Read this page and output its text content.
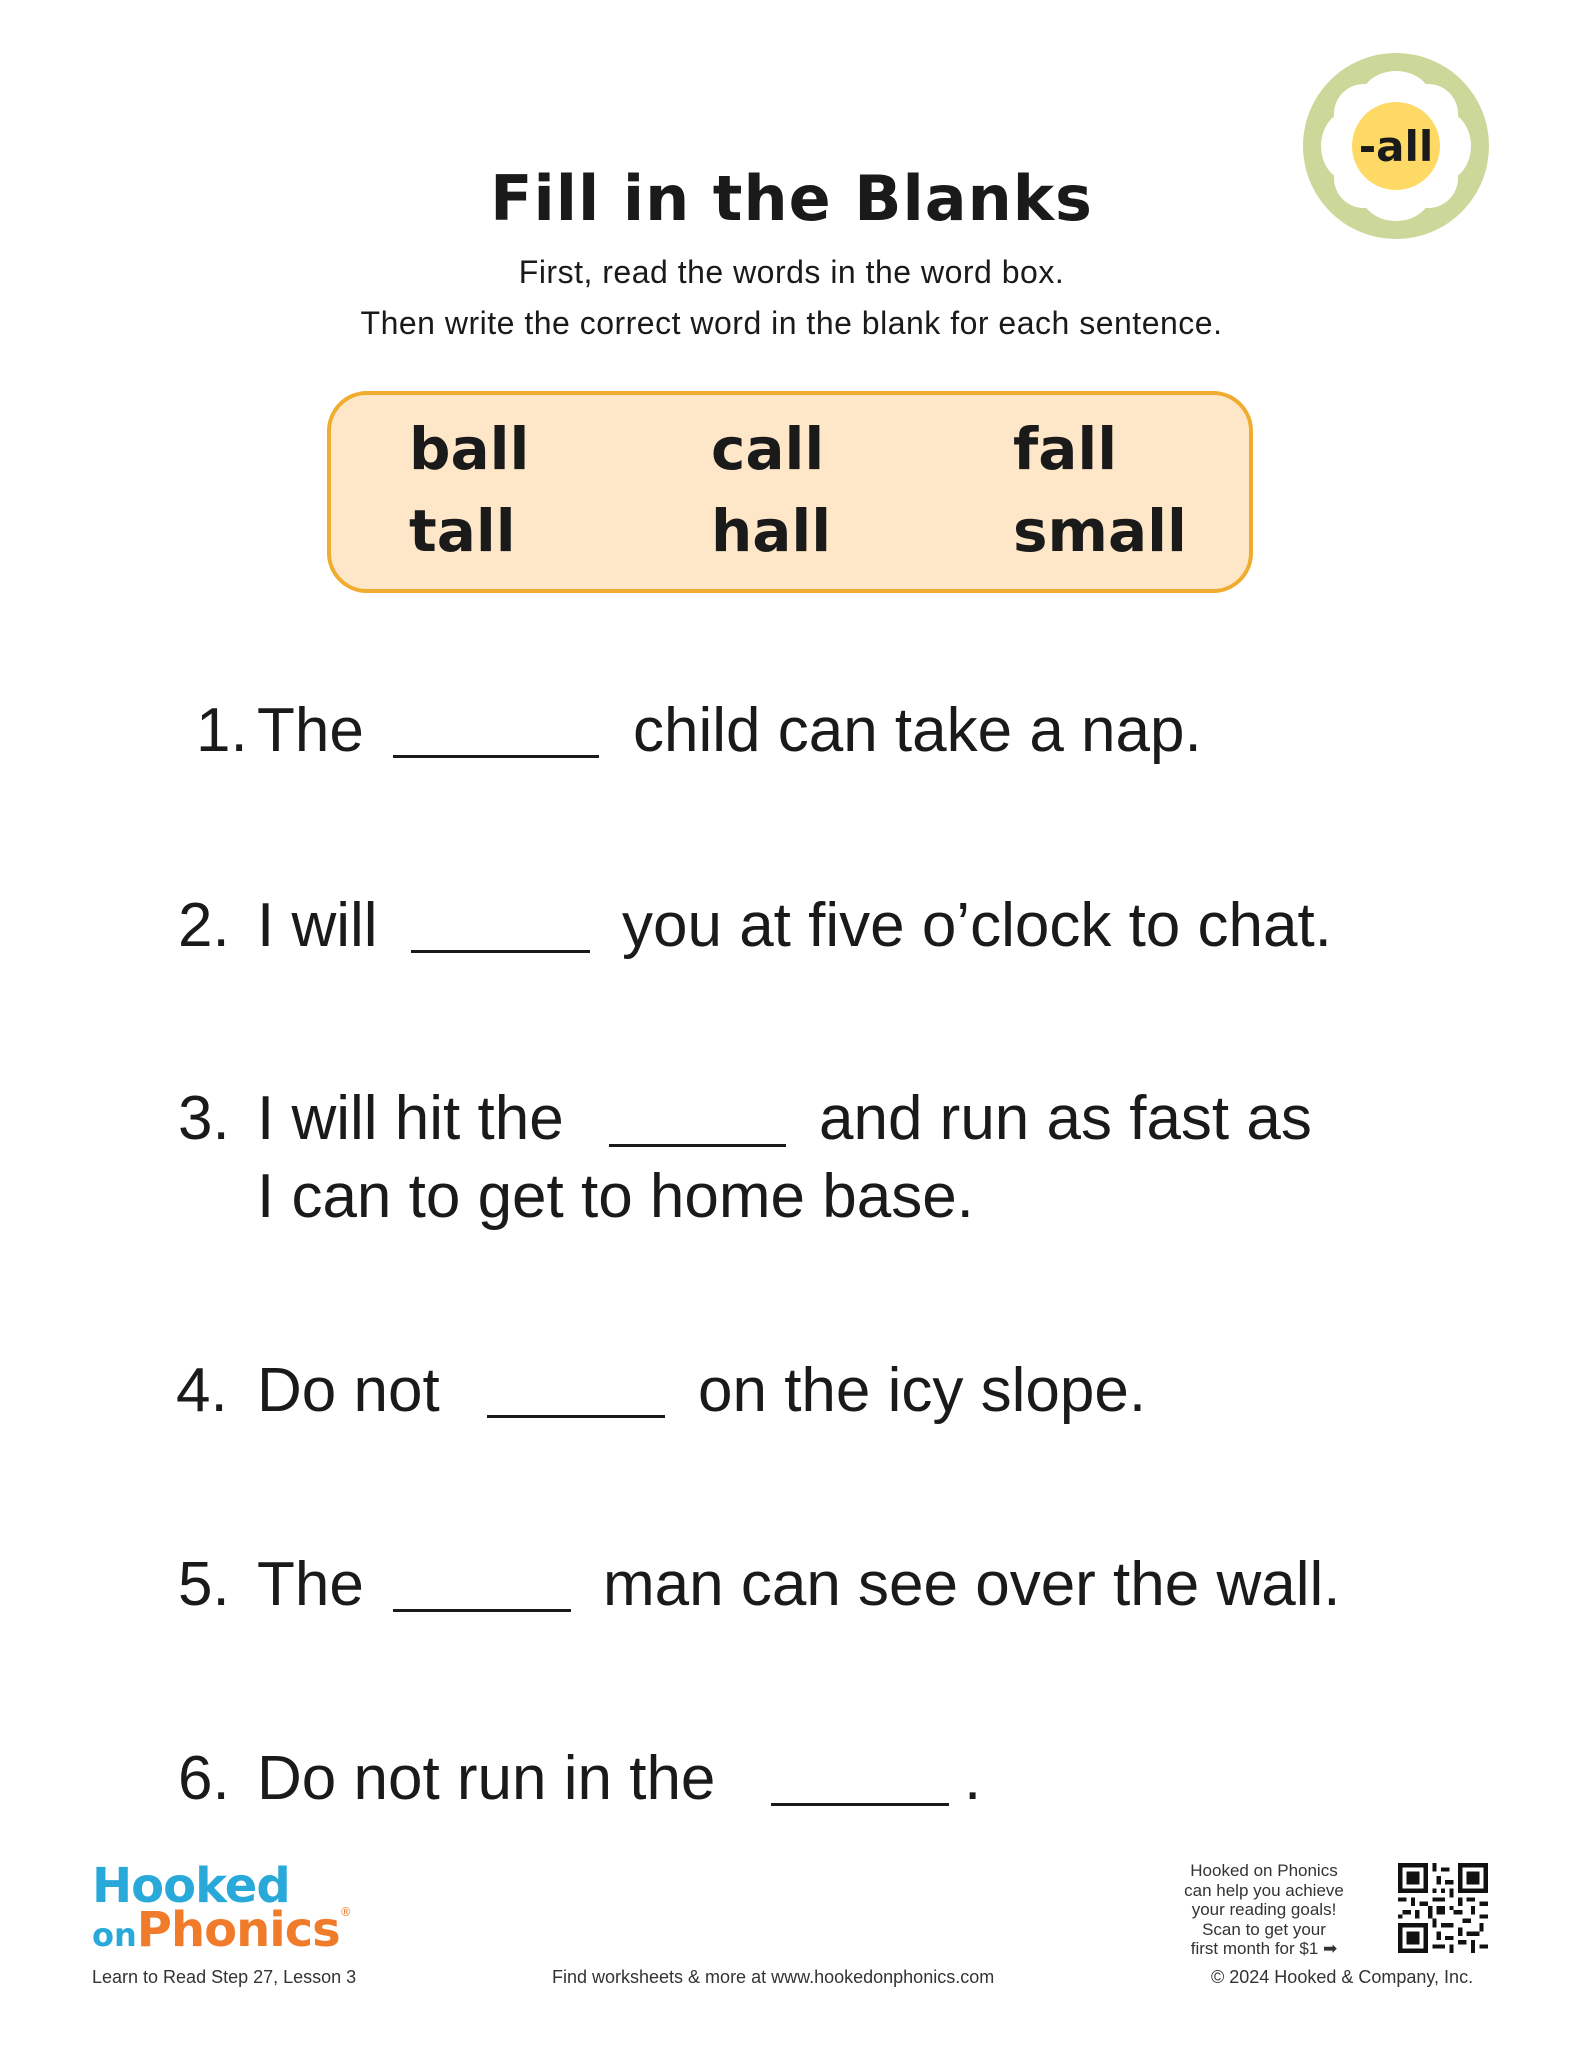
-all
Fill in the Blanks
First, read the words in the word box.
Then write the correct word in the blank for each sentence.
ball	call	fall
tall	hall	small
1. The	child can take a nap.
2. I will	you at five o’clock to chat.
3. I will hit the	and run as fast as
I can to get to home base.
4. Do not	on the icy slope.
5. The	man can see over the wall.
6. Do not run in the	.
Hooked
onPhonics®
Learn to Read Step 27, Lesson 3	Find worksheets & more at www.hookedonphonics.com	© 2024 Hooked & Company, Inc.
Hooked on Phonics
can help you achieve
your reading goals!
Scan to get your
first month for $1 ➡
